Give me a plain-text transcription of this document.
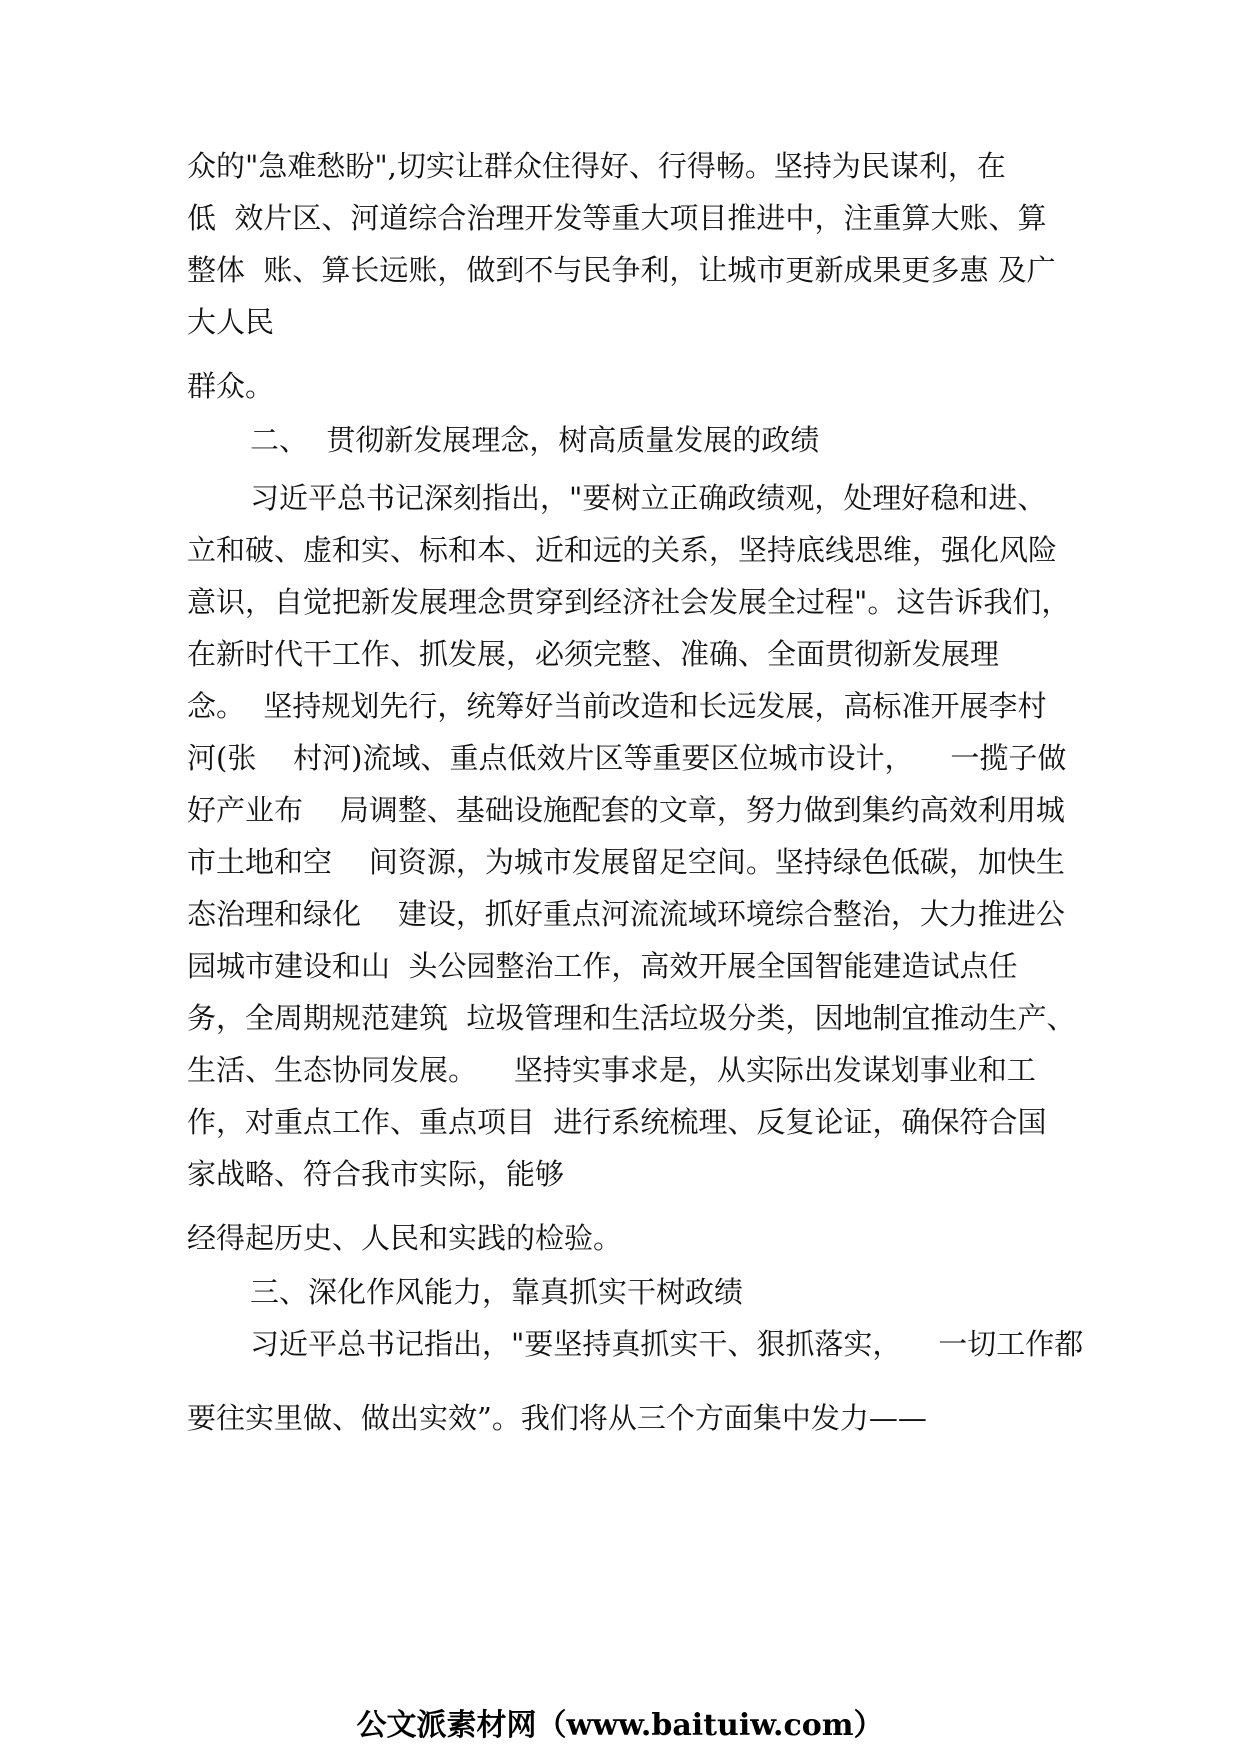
众的"急难愁盼",切实让群众住得好、行得畅。坚持为民谋利，在
低  效片区、河道综合治理开发等重大项目推进中，注重算大账、算
整体  账、算长远账，做到不与民争利，让城市更新成果更多惠 及广
大人民
群众。
二、  贯彻新发展理念，树高质量发展的政绩
习近平总书记深刻指出，"要树立正确政绩观，处理好稳和进、
立和破、虚和实、标和本、近和远的关系，坚持底线思维，强化风险
意识，自觉把新发展理念贯穿到经济社会发展全过程"。这告诉我们，
在新时代干工作、抓发展，必须完整、准确、全面贯彻新发展理
念。  坚持规划先行，统筹好当前改造和长远发展，高标准开展李村
河(张    村河)流域、重点低效片区等重要区位城市设计，    一揽子做
好产业布    局调整、基础设施配套的文章，努力做到集约高效利用城
市土地和空    间资源，为城市发展留足空间。坚持绿色低碳，加快生
态治理和绿化    建设，抓好重点河流流域环境综合整治，大力推进公
园城市建设和山  头公园整治工作，高效开展全国智能建造试点任
务，全周期规范建筑  垃圾管理和生活垃圾分类，因地制宜推动生产、
生活、生态协同发展。    坚持实事求是，从实际出发谋划事业和工
作，对重点工作、重点项目  进行系统梳理、反复论证，确保符合国
家战略、符合我市实际，能够
经得起历史、人民和实践的检验。
三、深化作风能力，靠真抓实干树政绩
习近平总书记指出，"要坚持真抓实干、狠抓落实，    一切工作都
要往实里做、做出实效”。我们将从三个方面集中发力——
公文派素材网（www.baituiw.com）
